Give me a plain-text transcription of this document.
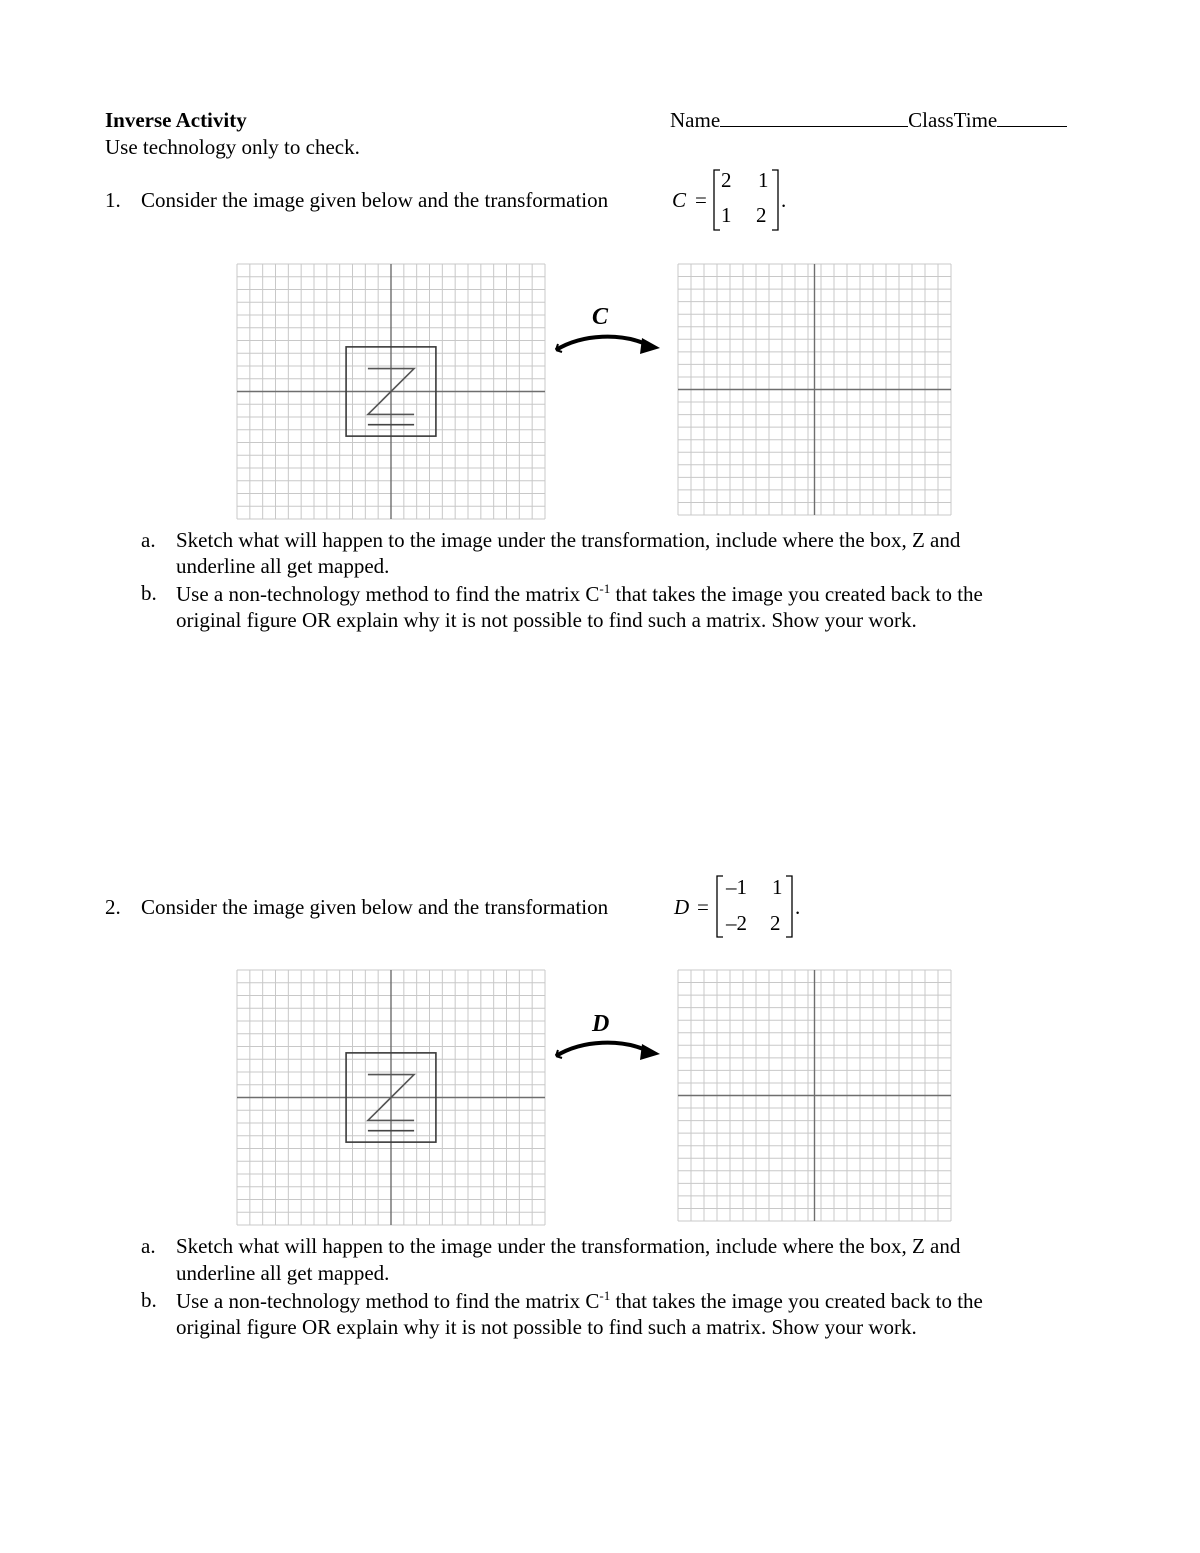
Inverse Activity	Name	ClassTime
Use technology only to check.
1. Consider the image given below and the transformation	C =
2 1
1 2
.
C
a. Sketch what will happen to the image under the transformation, include where the box, Z and
underline all get mapped.
b. Use a non-technology method to find the matrix $C^{-1}$ that takes the image you created back to the
original figure OR explain why it is not possible to find such a matrix. Show your work.
2. Consider the image given below and the transformation	D =
–1 1
–2 2
.
D
a. Sketch what will happen to the image under the transformation, include where the box, Z and
underline all get mapped.
b. Use a non-technology method to find the matrix $C^{-1}$ that takes the image you created back to the
original figure OR explain why it is not possible to find such a matrix. Show your work.
